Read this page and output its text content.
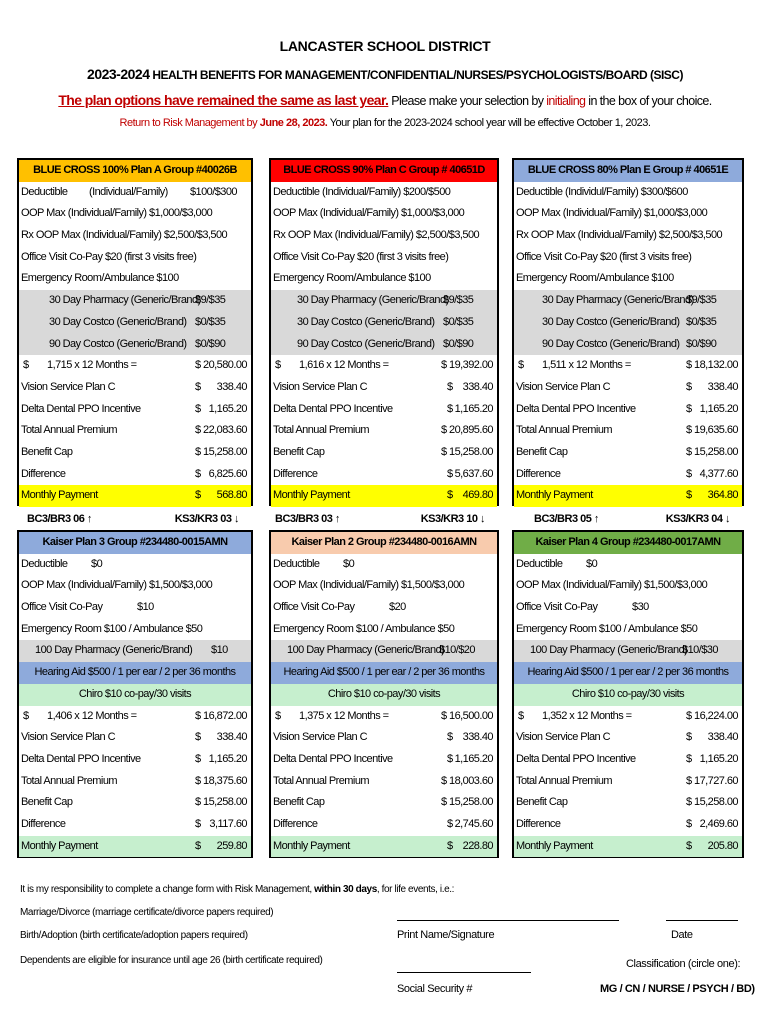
LANCASTER SCHOOL DISTRICT
2023-2024 HEALTH BENEFITS FOR MANAGEMENT/CONFIDENTIAL/NURSES/PSYCHOLOGISTS/BOARD (SISC)
The plan options have remained the same as last year. Please make your selection by initialing in the box of your choice.
Return to Risk Management by June 28, 2023. Your plan for the 2023-2024 school year will be effective October 1, 2023.
BLUE CROSS 100% Plan A Group #40026B
Deductible (Individual/Family) $100/$300
OOP Max (Individual/Family) $1,000/$3,000
Rx OOP Max (Individual/Family) $2,500/$3,500
Office Visit Co-Pay $20 (first 3 visits free)
Emergency Room/Ambulance $100
30 Day Pharmacy (Generic/Brand)
$9/$35
30 Day Costco (Generic/Brand) $0/$35
90 Day Costco (Generic/Brand) $0/$90
$ 1,715 x 12 Months =	$ 20,580.00
Vision Service Plan C	$ 338.40
Delta Dental PPO Incentive	$ 1,165.20
Total Annual Premium	$ 22,083.60
Benefit Cap	$ 15,258.00
Difference	$ 6,825.60
Monthly Payment	$ 568.80
BLUE CROSS 90% Plan C Group # 40651D
Deductible (Individual/Family) $200/$500
OOP Max (Individual/Family) $1,000/$3,000
Rx OOP Max (Individual/Family) $2,500/$3,500
Office Visit Co-Pay $20 (first 3 visits free)
Emergency Room/Ambulance $100
30 Day Pharmacy (Generic/Brand)
$9/$35
30 Day Costco (Generic/Brand) $0/$35
90 Day Costco (Generic/Brand) $0/$90
$ 1,616 x 12 Months =	$ 19,392.00
Vision Service Plan C	$ 338.40
Delta Dental PPO Incentive	$ 1,165.20
Total Annual Premium	$ 20,895.60
Benefit Cap	$ 15,258.00
Difference	$ 5,637.60
Monthly Payment	$ 469.80
BLUE CROSS 80% Plan E Group # 40651E
Deductible (Individul/Family) $300/$600
OOP Max (Individual/Family) $1,000/$3,000
Rx OOP Max (Individual/Family) $2,500/$3,500
Office Visit Co-Pay $20 (first 3 visits free)
Emergency Room/Ambulance $100
30 Day Pharmacy (Generic/Brand)
$9/$35
30 Day Costco (Generic/Brand) $0/$35
90 Day Costco (Generic/Brand) $0/$90
$ 1,511 x 12 Months =	$ 18,132.00
Vision Service Plan C	$ 338.40
Delta Dental PPO Incentive	$ 1,165.20
Total Annual Premium	$ 19,635.60
Benefit Cap	$ 15,258.00
Difference	$ 4,377.60
Monthly Payment	$ 364.80
BC3/BR3 06 ↑	KS3/KR3 03 ↓	BC3/BR3 03 ↑	KS3/KR3 10 ↓	BC3/BR3 05 ↑	KS3/KR3 04 ↓
Kaiser Plan 3 Group #234480-0015AMN
Deductible $0
OOP Max (Individual/Family) $1,500/$3,000
Office Visit Co-Pay	$10
Emergency Room $100 / Ambulance $50
100 Day Pharmacy (Generic/Brand) $10
Hearing Aid $500 / 1 per ear / 2 per 36 months
Chiro $10 co-pay/30 visits
$ 1,406 x 12 Months =	$ 16,872.00
Vision Service Plan C	$ 338.40
Delta Dental PPO Incentive	$ 1,165.20
Total Annual Premium	$ 18,375.60
Benefit Cap	$ 15,258.00
Difference	$ 3,117.60
Monthly Payment	$ 259.80
Kaiser Plan 2 Group #234480-0016AMN
Deductible $0
OOP Max (Individual/Family) $1,500/$3,000
Office Visit Co-Pay	$20
Emergency Room $100 / Ambulance $50
100 Day Pharmacy (Generic/Brand)
$10/$20
Hearing Aid $500 / 1 per ear / 2 per 36 months
Chiro $10 co-pay/30 visits
$ 1,375 x 12 Months =	$ 16,500.00
Vision Service Plan C	$ 338.40
Delta Dental PPO Incentive	$ 1,165.20
Total Annual Premium	$ 18,003.60
Benefit Cap	$ 15,258.00
Difference	$ 2,745.60
Monthly Payment	$ 228.80
Kaiser Plan 4 Group #234480-0017AMN
Deductible $0
OOP Max (Individual/Family) $1,500/$3,000
Office Visit Co-Pay	$30
Emergency Room $100 / Ambulance $50
100 Day Pharmacy (Generic/Brand)
$10/$30
Hearing Aid $500 / 1 per ear / 2 per 36 months
Chiro $10 co-pay/30 visits
$ 1,352 x 12 Months =	$ 16,224.00
Vision Service Plan C	$ 338.40
Delta Dental PPO Incentive	$ 1,165.20
Total Annual Premium	$ 17,727.60
Benefit Cap	$ 15,258.00
Difference	$ 2,469.60
Monthly Payment	$ 205.80
It is my responsibility to complete a change form with Risk Management, within 30 days, for life events, i.e.:
Marriage/Divorce (marriage certificate/divorce papers required)
Birth/Adoption (birth certificate/adoption papers required)
Dependents are eligible for insurance until age 26 (birth certificate required)
Print Name/Signature	Date
Social Security #
Classification (circle one):
MG / CN / NURSE / PSYCH / BD)
